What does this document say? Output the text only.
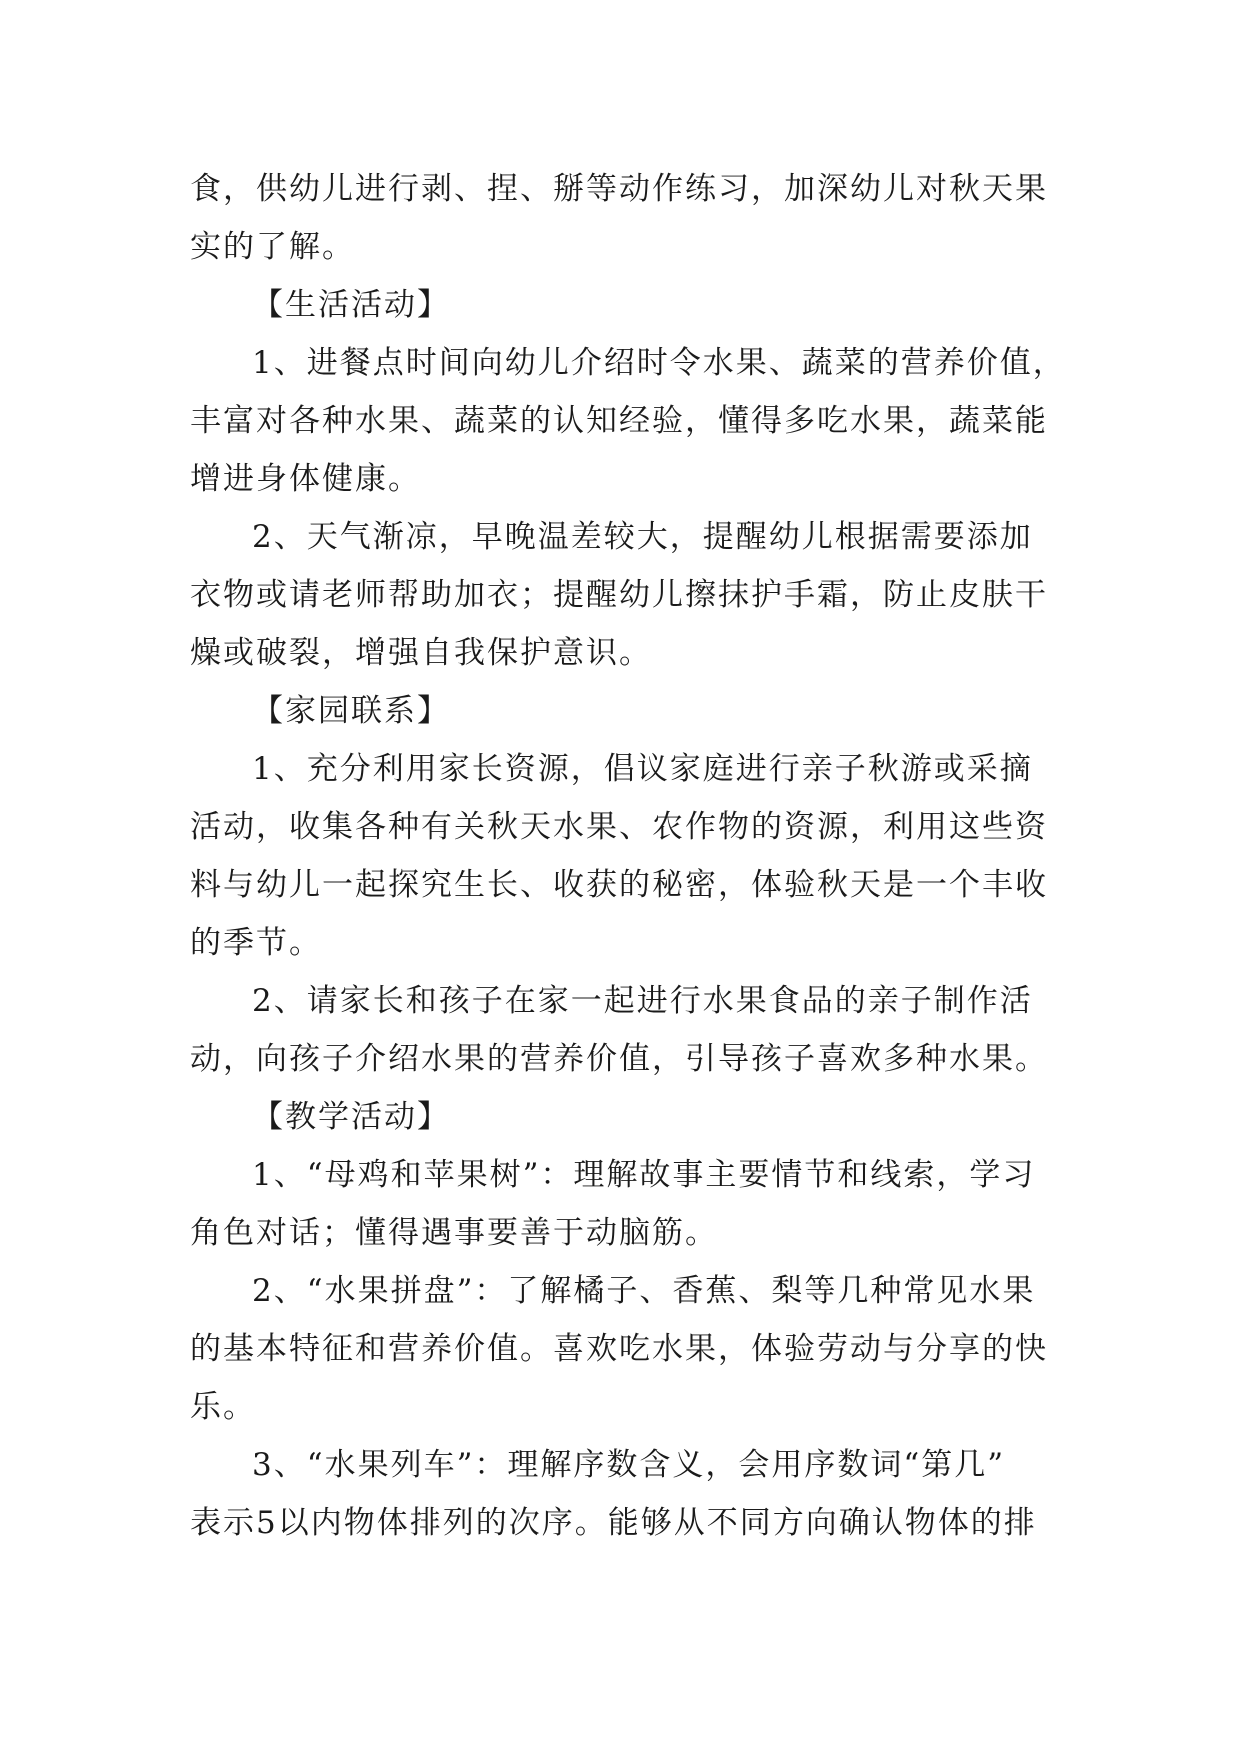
食，供幼儿进行剥、捏、掰等动作练习，加深幼儿对秋天果
实的了解。
【生活活动】
1、进餐点时间向幼儿介绍时令水果、蔬菜的营养价值，
丰富对各种水果、蔬菜的认知经验，懂得多吃水果，蔬菜能
增进身体健康。
2、天气渐凉，早晚温差较大，提醒幼儿根据需要添加
衣物或请老师帮助加衣；提醒幼儿擦抹护手霜，防止皮肤干
燥或破裂，增强自我保护意识。
【家园联系】
1、充分利用家长资源，倡议家庭进行亲子秋游或采摘
活动，收集各种有关秋天水果、农作物的资源，利用这些资
料与幼儿一起探究生长、收获的秘密，体验秋天是一个丰收
的季节。
2、请家长和孩子在家一起进行水果食品的亲子制作活
动，向孩子介绍水果的营养价值，引导孩子喜欢多种水果。
【教学活动】
1、“母鸡和苹果树”：理解故事主要情节和线索，学习
角色对话；懂得遇事要善于动脑筋。
2、“水果拼盘”：了解橘子、香蕉、梨等几种常见水果
的基本特征和营养价值。喜欢吃水果，体验劳动与分享的快
乐。
3、“水果列车”：理解序数含义，会用序数词“第几”
表示5以内物体排列的次序。能够从不同方向确认物体的排
